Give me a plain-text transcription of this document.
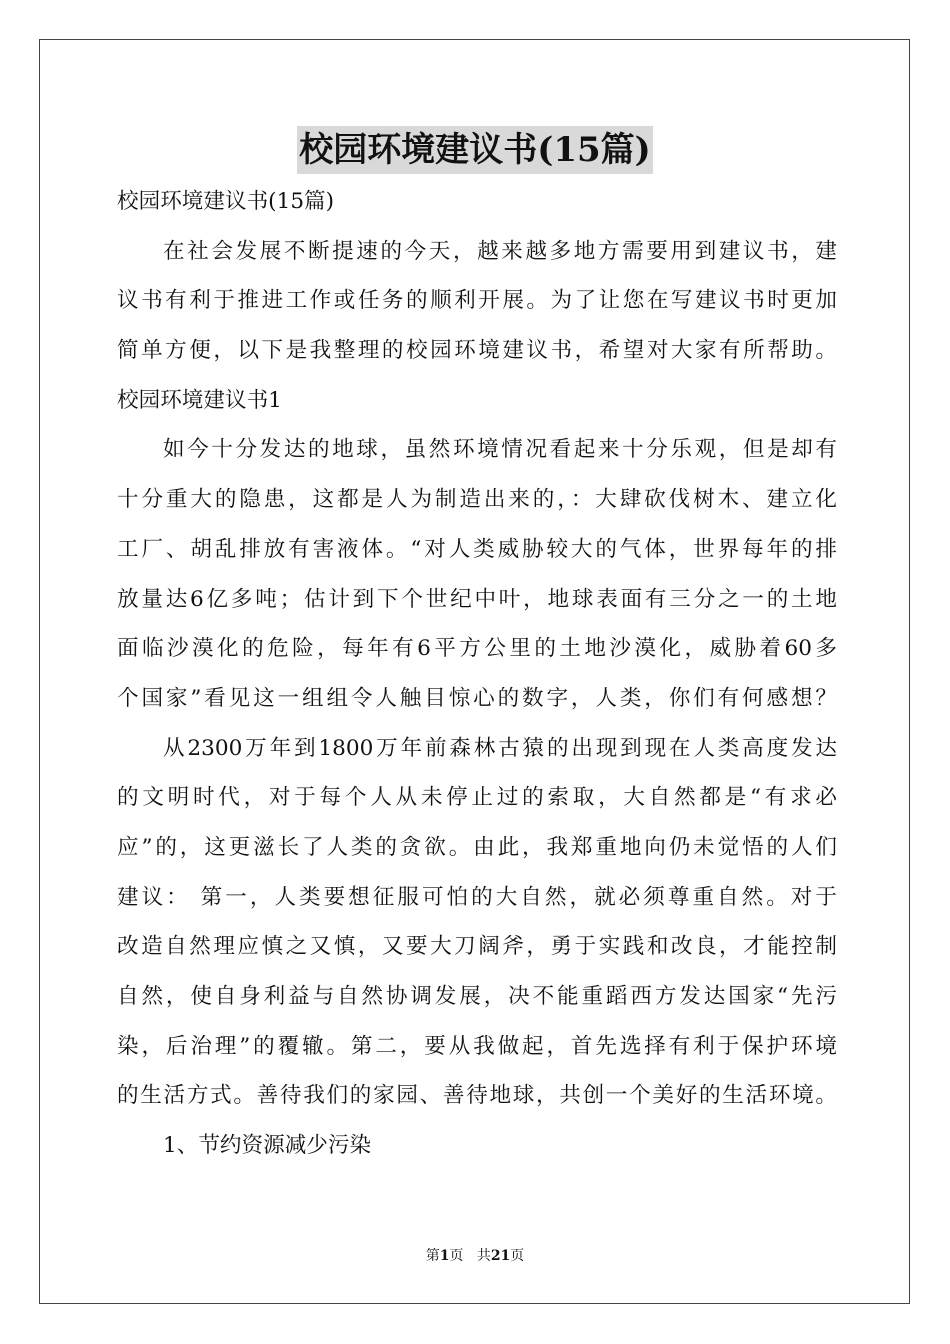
校园环境建议书(15篇)
校园环境建议书(15篇)
在社会发展不断提速的今天，越来越多地方需要用到建议书，建
议书有利于推进工作或任务的顺利开展。为了让您在写建议书时更加
简单方便，以下是我整理的校园环境建议书，希望对大家有所帮助。
校园环境建议书1
如今十分发达的地球，虽然环境情况看起来十分乐观，但是却有
十分重大的隐患，这都是人为制造出来的，：大肆砍伐树木、建立化
工厂、胡乱排放有害液体。“对人类威胁较大的气体，世界每年的排
放量达6亿多吨；估计到下个世纪中叶，地球表面有三分之一的土地
面临沙漠化的危险，每年有6平方公里的土地沙漠化，威胁着60多
个国家”看见这一组组令人触目惊心的数字，人类，你们有何感想？
从2300万年到1800万年前森林古猿的出现到现在人类高度发达
的文明时代，对于每个人从未停止过的索取，大自然都是“有求必
应”的，这更滋长了人类的贪欲。由此，我郑重地向仍未觉悟的人们
建议： 第一，人类要想征服可怕的大自然，就必须尊重自然。对于
改造自然理应慎之又慎，又要大刀阔斧，勇于实践和改良，才能控制
自然，使自身利益与自然协调发展，决不能重蹈西方发达国家“先污
染，后治理”的覆辙。第二，要从我做起，首先选择有利于保护环境
的生活方式。善待我们的家园、善待地球，共创一个美好的生活环境。
1、节约资源减少污染
第1页 共21页
